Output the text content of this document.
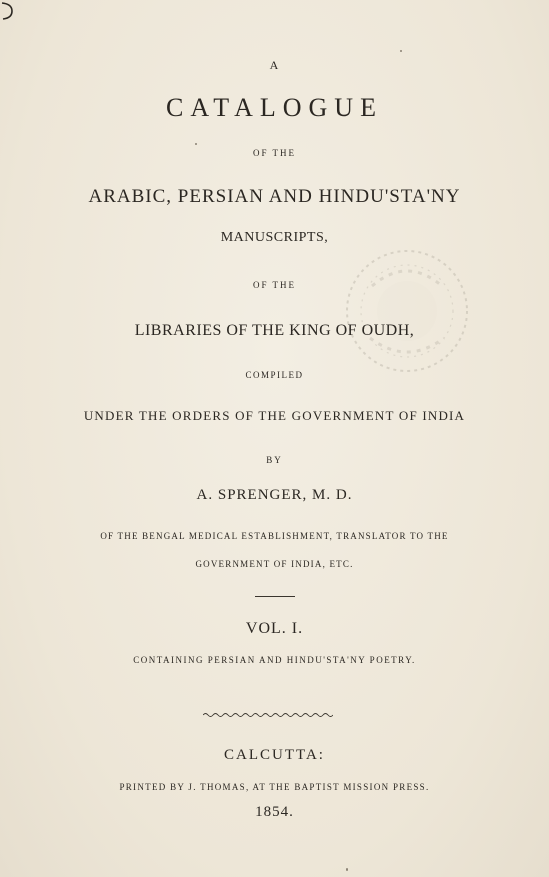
A

CATALOGUE

OF THE

ARABIC, PERSIAN AND HINDU'STA'NY

MANUSCRIPTS,

OF THE

LIBRARIES OF THE KING OF OUDH,

COMPILED

UNDER THE ORDERS OF THE GOVERNMENT OF INDIA

BY

A. SPRENGER, M. D.

OF THE BENGAL MEDICAL ESTABLISHMENT, TRANSLATOR TO THE

GOVERNMENT OF INDIA, ETC.

VOL. I.

CONTAINING PERSIAN AND HINDU'STA'NY POETRY.

CALCUTTA:

PRINTED BY J. THOMAS, AT THE BAPTIST MISSION PRESS.

1854.
